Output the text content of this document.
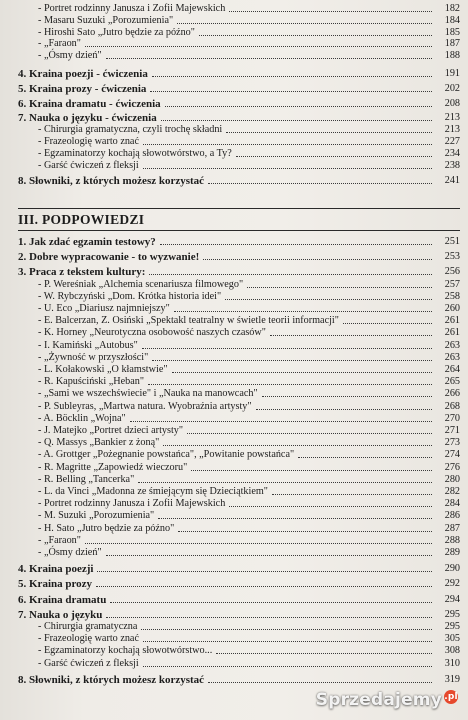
- Portret rodzinny Janusza i Zofii Majewskich	182
- Masaru Suzuki „Porozumienia"	184
- Hiroshi Sato „Jutro będzie za późno"	185
- „Faraon"	187
- „Ósmy dzień"	188
4. Kraina poezji - ćwiczenia	191
5. Kraina prozy - ćwiczenia	202
6. Kraina dramatu - ćwiczenia	208
7. Nauka o języku - ćwiczenia	213
- Chirurgia gramatyczna, czyli trochę składni	213
- Frazeologię warto znać	227
- Egzaminatorzy kochają słowotwórstwo, a Ty?	234
- Garść ćwiczeń z fleksji	238
8. Słowniki, z których możesz korzystać	241
III. PODPOWIEDZI
1. Jak zdać egzamin testowy?	251
2. Dobre wypracowanie - to wyzwanie!	253
3. Praca z tekstem kultury:	256
- P. Wereśniak „Alchemia scenariusza filmowego"	257
- W. Rybczyński „Dom. Krótka historia idei"	258
- U. Eco „Diariusz najmniejszy"	260
- E. Balcerzan, Z. Osiński „Spektakl teatralny w świetle teorii informacji"	261
- K. Horney „Neurotyczna osobowość naszych czasów"	261
- I. Kamiński „Autobus"	263
- „Żywność w przyszłości"	263
- L. Kołakowski „O kłamstwie"	264
- R. Kapuściński „Heban"	265
- „Sami we wszechświecie" i „Nauka na manowcach"	266
- P. Subleyras, „Martwa natura. Wyobraźnia artysty"	268
- A. Böcklin „Wojna"	270
- J. Matejko „Portret dzieci artysty"	271
- Q. Massys „Bankier z żoną"	273
- A. Grottger „Pożegnanie powstańca", „Powitanie powstańca"	274
- R. Magritte „Zapowiedź wieczoru"	276
- R. Belling „Tancerka"	280
- L. da Vinci „Madonna ze śmiejącym się Dzieciątkiem"	282
- Portret rodzinny Janusza i Zofii Majewskich	284
- M. Suzuki „Porozumienia"	286
- H. Sato „Jutro będzie za późno"	287
- „Faraon"	288
- „Ósmy dzień"	289
4. Kraina poezji	290
5. Kraina prozy	292
6. Kraina dramatu	294
7. Nauka o języku	295
- Chirurgia gramatyczna	295
- Frazeologię warto znać	305
- Egzaminatorzy kochają słowotwórstwo...	308
- Garść ćwiczeń z fleksji	310
8. Słowniki, z których możesz korzystać	319
Sprzedajemy .pl
